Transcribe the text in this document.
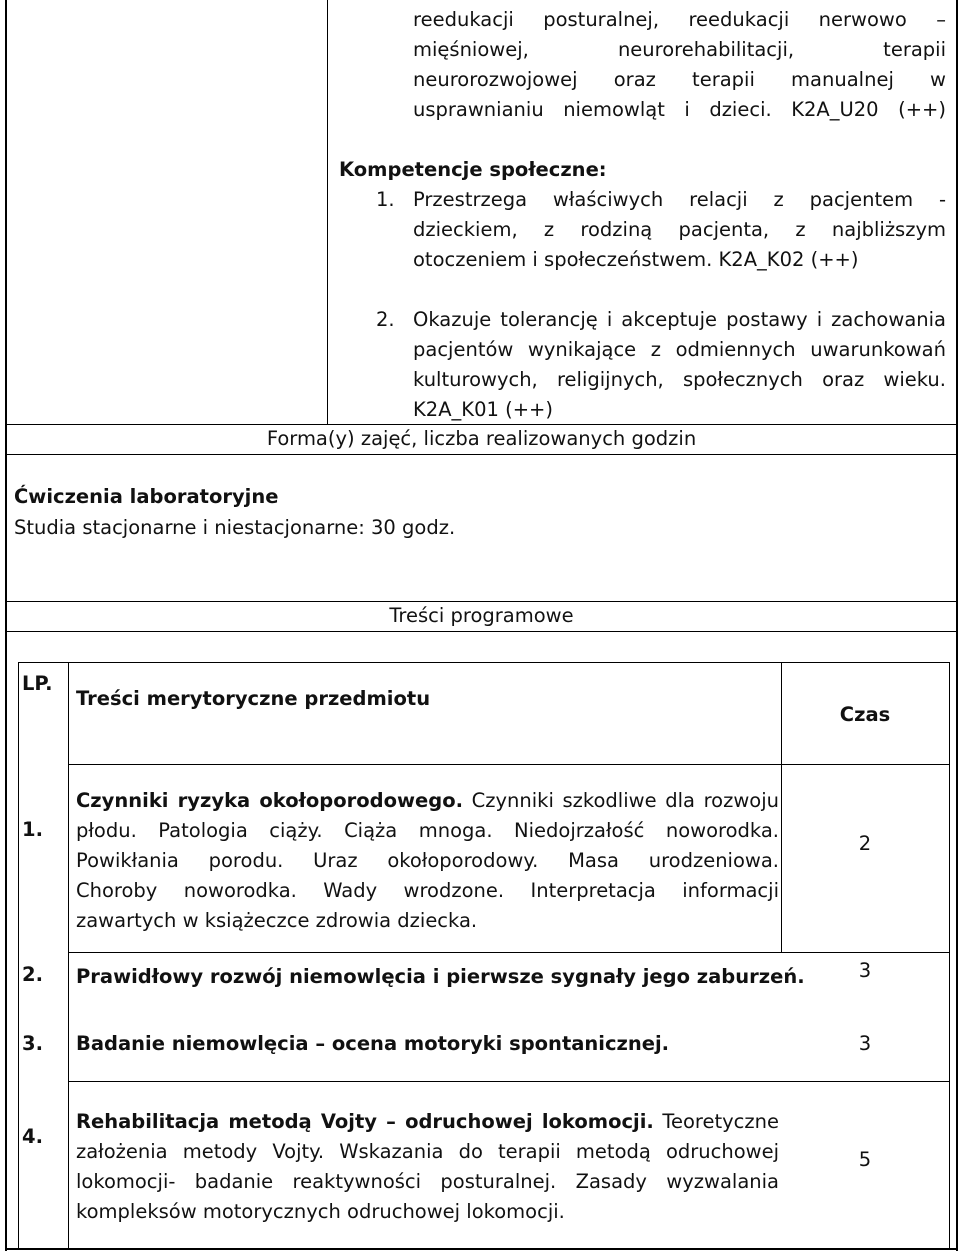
reedukacji posturalnej, reedukacji nerwowo –
mięśniowej, neurorehabilitacji, terapii
neurorozwojowej oraz terapii manualnej w
usprawnianiu niemowląt i dzieci. K2A_U20 (++)
Kompetencje społeczne:
1. Przestrzega właściwych relacji z pacjentem -
dzieckiem, z rodziną pacjenta, z najbliższym
otoczeniem i społeczeństwem. K2A_K02 (++)
2. Okazuje tolerancję i akceptuje postawy i zachowania
pacjentów wynikające z odmiennych uwarunkowań
kulturowych, religijnych, społecznych oraz wieku.
K2A_K01 (++)
Forma(y) zajęć, liczba realizowanych godzin
Ćwiczenia laboratoryjne
Studia stacjonarne i niestacjonarne: 30 godz.
Treści programowe
LP.
Treści merytoryczne przedmiotu
Czas
1.
Czynniki ryzyka okołoporodowego. Czynniki szkodliwe dla rozwoju
płodu. Patologia ciąży. Ciąża mnoga. Niedojrzałość noworodka.
Powikłania porodu. Uraz okołoporodowy. Masa urodzeniowa.
Choroby noworodka. Wady wrodzone. Interpretacja informacji
zawartych w książeczce zdrowia dziecka.
2
2. Prawidłowy rozwój niemowlęcia i pierwsze sygnały jego zaburzeń.	3
3. Badanie niemowlęcia – ocena motoryki spontanicznej.	3
4.
Rehabilitacja metodą Vojty – odruchowej lokomocji. Teoretyczne
założenia metody Vojty. Wskazania do terapii metodą odruchowej
lokomocji- badanie reaktywności posturalnej. Zasady wyzwalania
kompleksów motorycznych odruchowej lokomocji.
5
